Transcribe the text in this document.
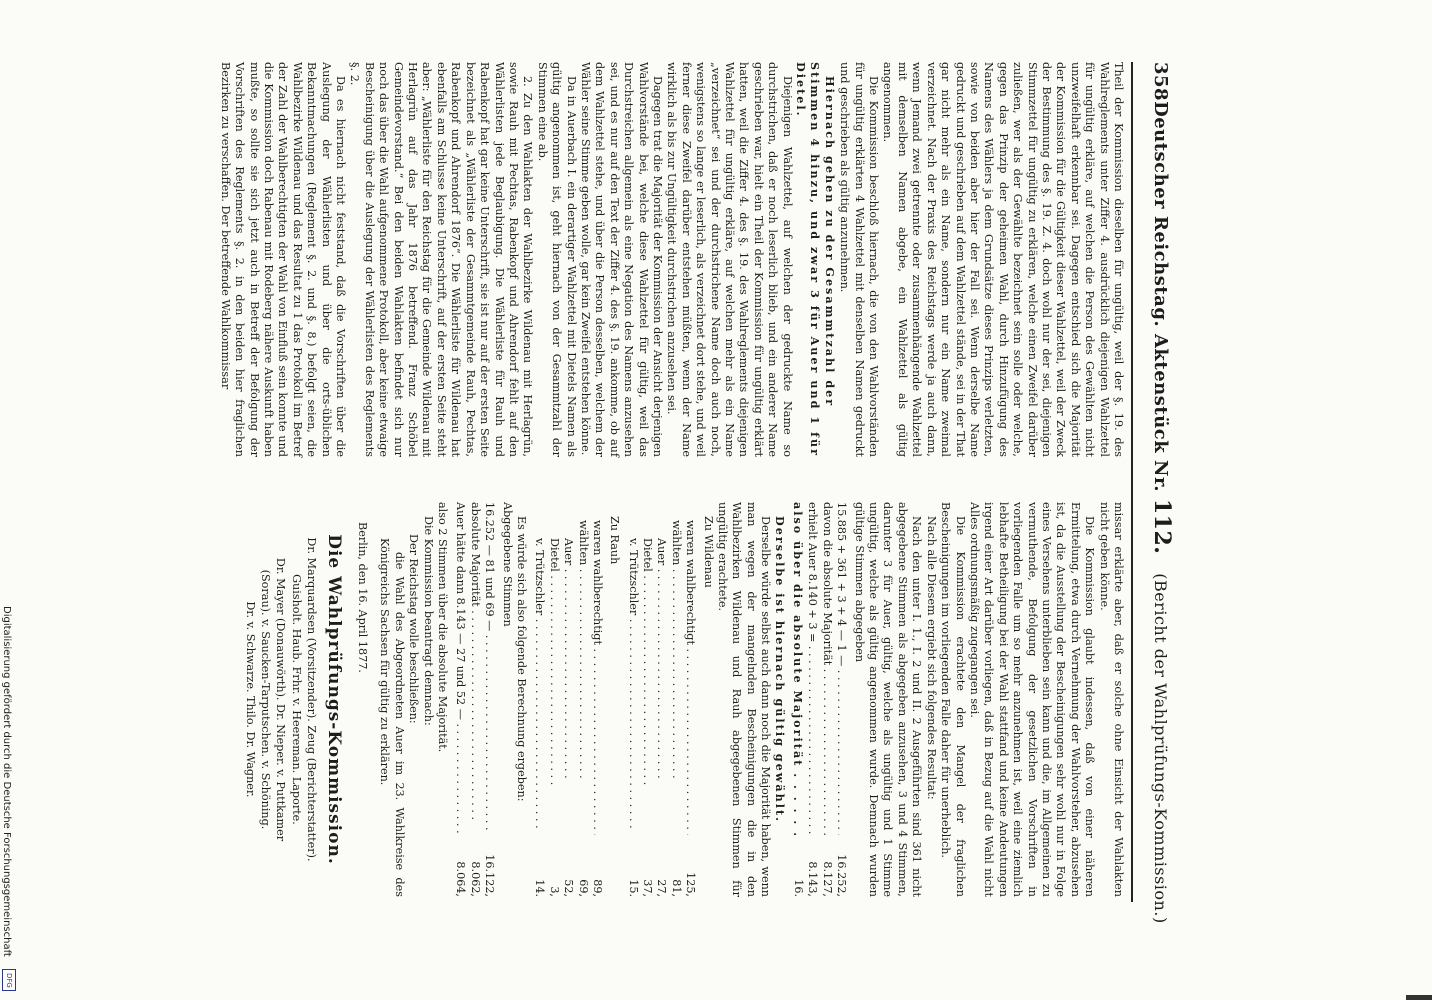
358
Deutscher Reichstag. Aktenstück Nr. 112. (Bericht der Wahlprüfungs-Kommission.)

Theil der Kommission dieselben für ungültig, weil der §. 19. des Wahlreglements unter Ziffer 4. ausdrücklich diejenigen Wahlzettel für ungültig erkläre, auf welchen die Person des Gewählten nicht unzweifelhaft erkennbar sei. Dagegen entschied sich die Majorität der Kommission für die Gültigkeit dieser Wahlzettel, weil der Zweck der Bestimmung des §. 19. Z. 4. doch wohl nur der sei, diejenigen Stimmzettel für ungültig zu erklären, welche einen Zweifel darüber zuließen, wer als der Gewählte bezeichnet sein solle oder welche, gegen das Prinzip der geheimen Wahl, durch Hinzufügung des Namens des Wählers ja dem Grundsätze dieses Prinzips verletzten, sowie von beiden aber hier der Fall sei. Wenn derselbe Name gedruckt und geschrieben auf dem Wahlzettel stände, sei in der That gar nicht mehr als ein Name, sondern nur ein Name zweimal verzeichnet. Nach der Praxis des Reichstags werde ja auch dann, wenn Jemand zwei getrennte oder zusammenhängende Wahlzettel mit demselben Namen abgebe, ein Wahlzettel als gültig angenommen.

Die Kommission beschloß hiernach, die von den Wahlvorständen für ungültig erklärten 4 Wahlzettel mit denselben Namen gedruckt und geschrieben als gültig anzunehmen.

Hiernach gehen zu der Gesammtzahl der

Stimmen 4 hinzu, und zwar 3 für Auer und 1 für Dietel.

Diejenigen Wahlzettel, auf welchen der gedruckte Name so durchstrichen, daß er noch leserlich blieb, und ein anderer Name geschrieben war, hielt ein Theil der Kommission für ungültig erklärt hatten, weil die Ziffer 4. des §. 19. des Wahlreglements diejenigen Wahlzettel für ungültig erkläre, auf welchen mehr als ein Name „verzeichnet“ sei und der durchstrichene Name doch auch noch, wenigstens so lange er leserlich, als verzeichnet dort stehe, und weil ferner diese Zweifel darüber entstehen müßten, wenn der Name wirklich als bis zur Ungültigkeit durchstrichen anzusehen sei.

Dagegen trat die Majorität der Kommission der Ansicht derjenigen Wahlvorstände bei, welche diese Wahlzettel für gültig, weil das Durchstreichen allgemein als eine Negation des Namens anzusehen sei, und es nur auf den Text der Ziffer 4. des §. 19. ankomme, ob auf dem Wahlzettel stehe, und über die Person desselben, welchem der Wähler seine Stimme geben wolle, gar kein Zweifel entstehen könne.

Da in Auerbach I. ein derartiger Wahlzettel mit Dietels Namen als gültig angenommen ist, geht hiernach von der Gesammtzahl der Stimmen eine ab.

2. Zu den Wahlakten der Wahlbezirke Wildenau mit Herlagrün, sowie Rauh mit Pechtas, Rabenkopf und Ahrendorf fehlt auf den Wählerlisten jede Beglaubigung. Die Wählerliste für Rauh und Rabenkopf hat gar keine Unterschrift, sie ist nur auf der ersten Seite bezeichnet als „Wählerliste der Gesammtgemeinde Rauh, Pechtas, Rabenkopf und Ahrendorf 1876“. Die Wählerliste für Wildenau hat ebenfalls am Schlusse keine Unterschrift, auf der ersten Seite steht aber: „Wählerliste für den Reichstag für die Gemeinde Wildenau mit Herlagrün auf das Jahr 1876 betreffend. Franz Schöbel Gemeindevorstand.“ Bei den beiden Wahlakten befindet sich nur noch das über die Wahl aufgenommene Protokoll, aber keine etwaige Bescheinigung über die Auslegung der Wählerlisten des Reglements §. 2.

Da es hiernach nicht feststand, daß die Vorschriften über die Auslegung der Wählerlisten und über die orts-üblichen Bekanntmachungen (Reglement §. 2. und §. 8.) befolgt seien, die Wahlbezirke Wildenau und das Resultat zu 1 das Protokoll im Betref der Zahl der Wahlberechtigten der Wahl von Einfluß sein konnte und die Kommission doch Rabenau mit Rodeberg nähere Auskunft haben mußte, so sollte sie sich jetzt auch in Betreff der Befolgung der Vorschriften des Reglements §. 2. in den beiden hier fraglichen Bezirken zu verschaffen. Der betreffende Wahlkommissar

missar erklärte aber, daß er solche ohne Einsicht der Wahlakten nicht geben könne.

Die Kommission glaubt indessen, daß von einer näheren Ermittelung, etwa durch Vernehmung der Wahlvorsteher, abzusehen ist, da die Ausstellung der Bescheinigungen sehr wohl nur in Folge eines Versehens unterblieben sein kann und die, im Allgemeinen zu vermuthende, Befolgung der gesetzlichen Vorschriften in vorliegenden Falle um so mehr anzunehmen ist, weil eine ziemlich lebhafte Betheiligung bei der Wahl stattfand und keine Andeutungen irgend einer Art darüber vorliegen, daß in Bezug auf die Wahl nicht Alles ordnungsmäßig zugegangen sei.

Die Kommission erachtete den Mangel der fraglichen Bescheinigungen im vorliegenden Falle daher für unerheblich.

Nach alle Diesem ergiebt sich folgendes Resultat:

Nach den unter I. 1., I. 2 und II. 2 Ausgeführten sind 361 nicht abgegebene Stimmen als abgegeben anzusehen, 3 und 4 Stimmen, darunter 3 für Auer, gültig, welche als ungültig und 1 Stimme ungültig, welche als gültig angenommen wurde. Demnach wurden gültige Stimmen abgegeben

15.885 + 361 + 3 + 4 — 1 — . . .
16.252,
davon die absolute Majorität . . .
8.127,
erhielt Auer 8.140 + 3 = . . .
8.143,
also über die absolute Majorität . . .
16.

Derselbe ist hiernach gültig gewählt.

Derselbe würde selbst auch dann noch die Majorität haben, wenn man wegen der mangelnden Bescheinigungen die in den Wahlbezirken Wildenau und Rauh abgegebenen Stimmen für ungültig erachtete.

Zu Wildenau

waren wahlberechtigt . . .
125,
wählten . . .
81,
Auer . . .
27,
Dietel . . .
37,
v. Trützschler . . .
15.

Zu Rauh

waren wahlberechtigt . . .
89,
wählten . . .
69,
Auer . . .
52,
Dietel . . .
3,
v. Trützschler . . .
14.

Es würde sich also folgende Berechnung ergeben:

Abgegebene Stimmen

16.252 — 81 und 69 — . . .
16.122,
absolute Majorität . . .
8.062,
Auer hätte dann 8.143 — 27 und 52 — . . .
8.064,

also 2 Stimmen über die absolute Majorität.

Die Kommission beantragt demnach:

Der Reichstag wolle beschließen:

die Wahl des Abgeordneten Auer im 23. Wahlkreise des Königreichs Sachsen für gültig zu erklären.

Berlin, den 16. April 1877.
Die Wahlprüfungs-Kommission.
Dr. Marquardsen (Vorsitzender). Zeug (Berichterstatter).
Guisholt. Haub. Frhr. v. Heereman. Laporte.
Dr. Mayer (Donauwörth). Dr. Nieper. v. Puttkamer
(Sorau). v. Saucken-Tarputschen. v. Schöning.
Dr. v. Schwarze. Thilo. Dr. Wagner.
Digitalisierung gefördert durch die Deutsche Forschungsgemeinschaft
DFG
